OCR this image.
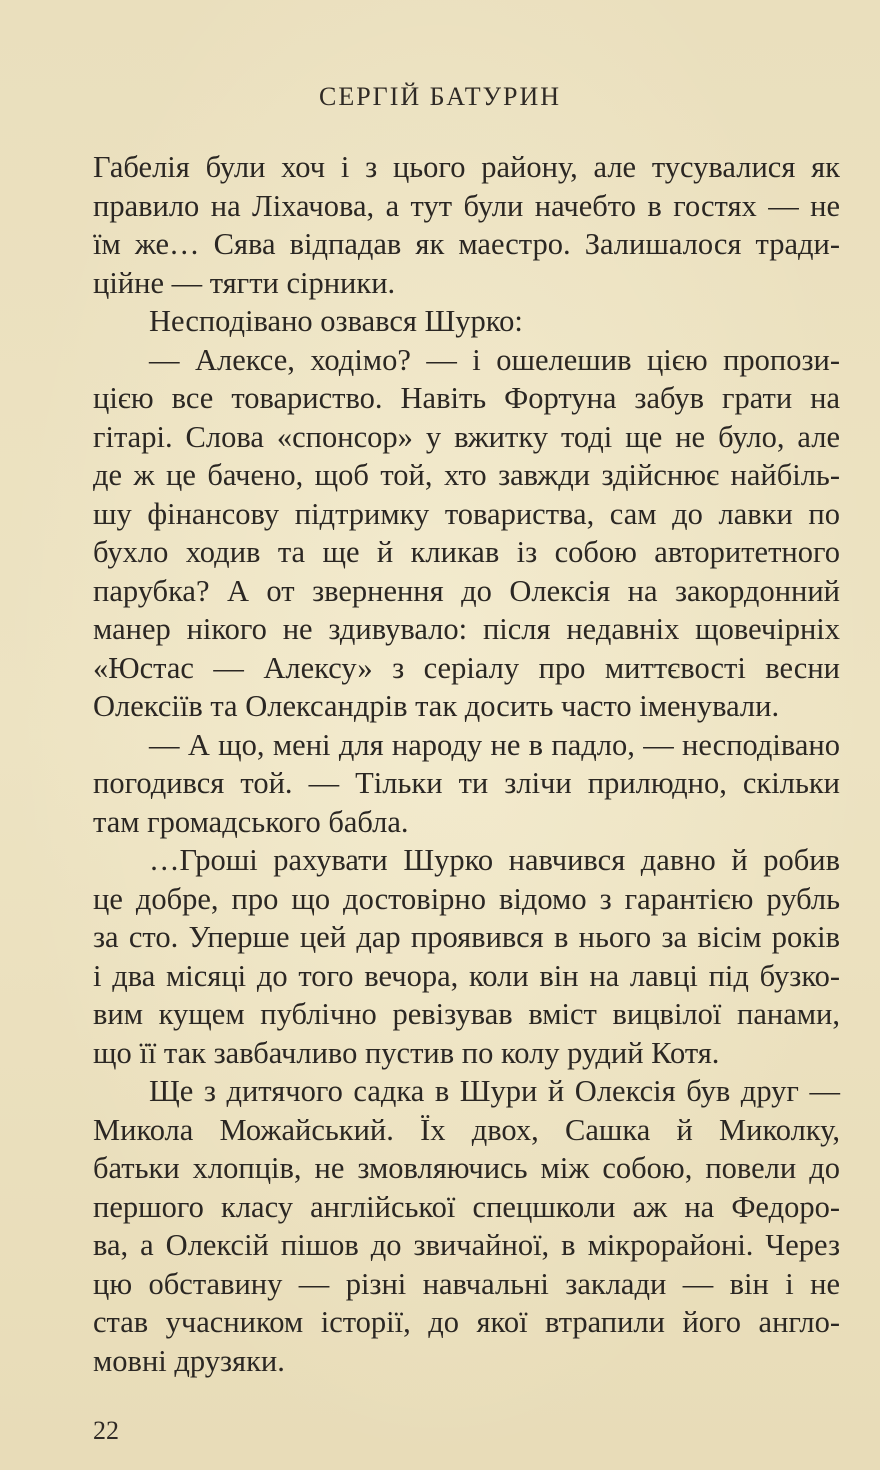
СЕРГІЙ БАТУРИН
Габелія були хоч і з цього району, але тусувалися як
правило на Ліхачова, а тут були начебто в гостях — не
їм же… Сява відпадав як маестро. Залишалося тради-
ційне — тягти сірники.
Несподівано озвався Шурко:
— Алексе, ходімо? — і ошелешив цією пропози-
цією все товариство. Навіть Фортуна забув грати на
гітарі. Слова «спонсор» у вжитку тоді ще не було, але
де ж це бачено, щоб той, хто завжди здійснює найбіль-
шу фінансову підтримку товариства, сам до лавки по
бухло ходив та ще й кликав із собою авторитетного
парубка? А от звернення до Олексія на закордонний
манер нікого не здивувало: після недавніх щовечірніх
«Юстас — Алексу» з серіалу про миттєвості весни
Олексіїв та Олександрів так досить часто іменували.
— А що, мені для народу не в падло, — несподівано
погодився той. — Тільки ти злічи прилюдно, скільки
там громадського бабла.
…Гроші рахувати Шурко навчився давно й робив
це добре, про що достовірно відомо з гарантією рубль
за сто. Уперше цей дар проявився в нього за вісім років
і два місяці до того вечора, коли він на лавці під бузко-
вим кущем публічно ревізував вміст вицвілої панами,
що її так завбачливо пустив по колу рудий Котя.
Ще з дитячого садка в Шури й Олексія був друг —
Микола Можайський. Їх двох, Сашка й Миколку,
батьки хлопців, не змовляючись між собою, повели до
першого класу англійської спецшколи аж на Федоро-
ва, а Олексій пішов до звичайної, в мікрорайоні. Через
цю обставину — різні навчальні заклади — він і не
став учасником історії, до якої втрапили його англо-
мовні друзяки.
22
